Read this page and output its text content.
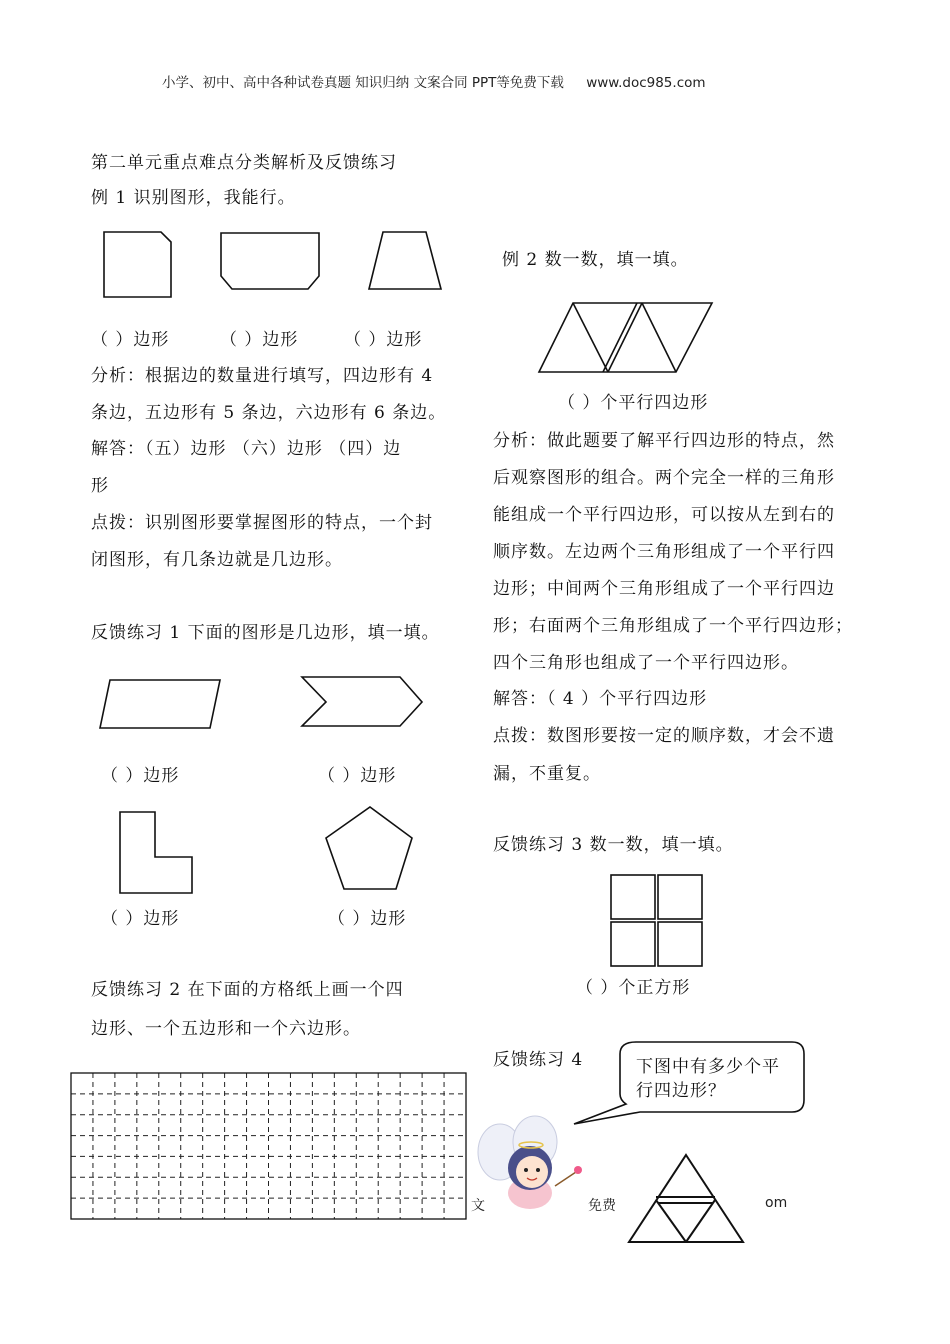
小学、初中、高中各种试卷真题 知识归纳 文案合同 PPT等免费下载 www.doc985.com
第二单元重点难点分类解析及反馈练习
例 1 识别图形，我能行。
（ ）边形	（ ）边形	（ ）边形
分析：根据边的数量进行填写，四边形有 4
条边，五边形有 5 条边，六边形有 6 条边。
解答：（五）边形 （六）边形 （四）边
形
点拨：识别图形要掌握图形的特点，一个封
闭图形，有几条边就是几边形。
反馈练习 1 下面的图形是几边形，填一填。
（ ）边形	（ ）边形
（ ）边形	（ ）边形
反馈练习 2 在下面的方格纸上画一个四
边形、一个五边形和一个六边形。
例 2 数一数，填一填。
（ ）个平行四边形
分析：做此题要了解平行四边形的特点，然
后观察图形的组合。两个完全一样的三角形
能组成一个平行四边形，可以按从左到右的
顺序数。左边两个三角形组成了一个平行四
边形；中间两个三角形组成了一个平行四边
形；右面两个三角形组成了一个平行四边形；
四个三角形也组成了一个平行四边形。
解答：（ 4 ）个平行四边形
点拨：数图形要按一定的顺序数，才会不遗
漏，不重复。
反馈练习 3 数一数，填一填。
（ ）个正方形
反馈练习 4	下图中有多少个平
行四边形？
文	免费	om
